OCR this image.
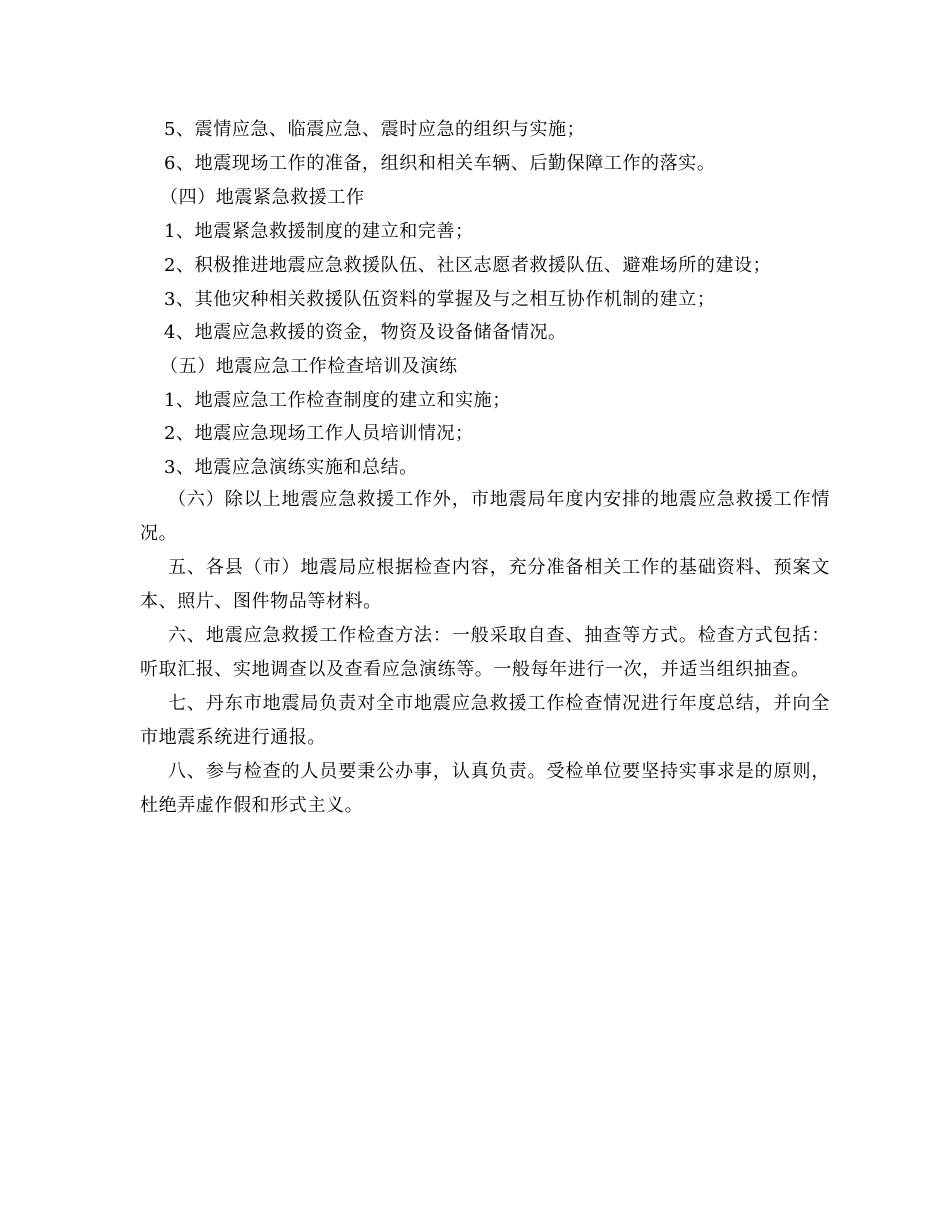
5、震情应急、临震应急、震时应急的组织与实施；
6、地震现场工作的准备，组织和相关车辆、后勤保障工作的落实。
（四）地震紧急救援工作
1、地震紧急救援制度的建立和完善；
2、积极推进地震应急救援队伍、社区志愿者救援队伍、避难场所的建设；
3、其他灾种相关救援队伍资料的掌握及与之相互协作机制的建立；
4、地震应急救援的资金，物资及设备储备情况。
（五）地震应急工作检查培训及演练
1、地震应急工作检查制度的建立和实施；
2、地震应急现场工作人员培训情况；
3、地震应急演练实施和总结。
（六）除以上地震应急救援工作外，市地震局年度内安排的地震应急救援工作情况。
五、各县（市）地震局应根据检查内容，充分准备相关工作的基础资料、预案文本、照片、图件物品等材料。
六、地震应急救援工作检查方法：一般采取自查、抽查等方式。检查方式包括：听取汇报、实地调查以及查看应急演练等。一般每年进行一次，并适当组织抽查。
七、丹东市地震局负责对全市地震应急救援工作检查情况进行年度总结，并向全市地震系统进行通报。
八、参与检查的人员要秉公办事，认真负责。受检单位要坚持实事求是的原则，杜绝弄虚作假和形式主义。
